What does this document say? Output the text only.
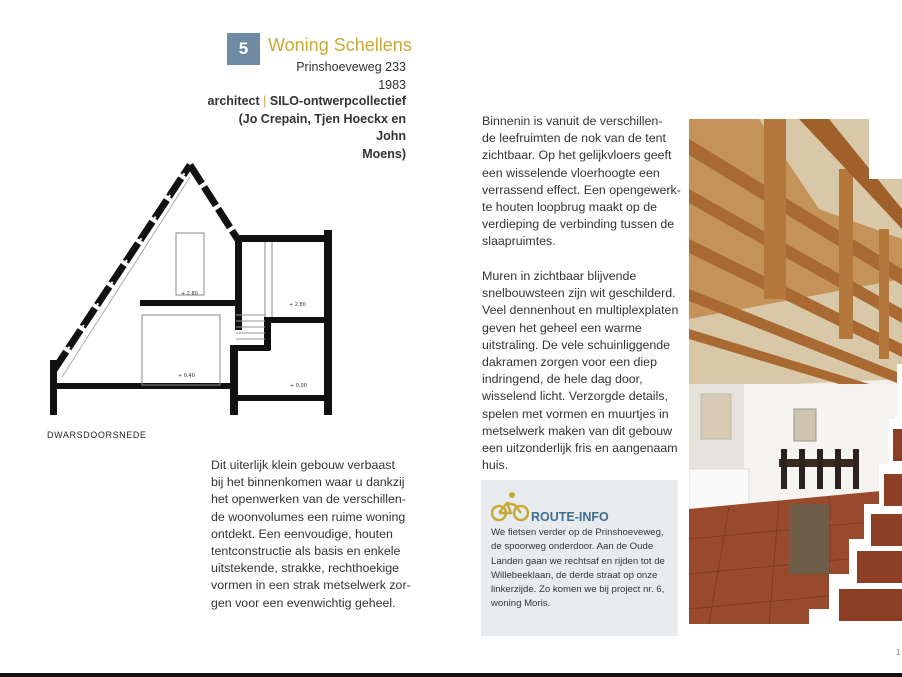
5 Woning Schellens
Prinshoeveweg 233
1983
architect | SILO-ontwerpcollectief
(Jo Crepain, Tjen Hoeckx en John
Moens)
+ 2.80
+ 2.80
+ 0.40
+ 0.00
DWARSDOORSNEDE
Dit uiterlijk klein gebouw verbaast
bij het binnenkomen waar u dankzij
het openwerken van de verschillen-
de woonvolumes een ruime woning
ontdekt. Een eenvoudige, houten
tentconstructie als basis en enkele
uitstekende, strakke, rechthoekige
vormen in een strak metselwerk zor-
gen voor een evenwichtig geheel.
Binnenin is vanuit de verschillen-
de leefruimten de nok van de tent
zichtbaar. Op het gelijkvloers geeft
een wisselende vloerhoogte een
verrassend effect. Een opengewerk-
te houten loopbrug maakt op de
verdieping de verbinding tussen de
slaapruimtes.
Muren in zichtbaar blijvende
snelbouwsteen zijn wit geschilderd.
Veel dennenhout en multiplexplaten
geven het geheel een warme
uitstraling. De vele schuinliggende
dakramen zorgen voor een diep
indringend, de hele dag door,
wisselend licht. Verzorgde details,
spelen met vormen en muurtjes in
metselwerk maken van dit gebouw
een uitzonderlijk fris en aangenaam
huis.
ROUTE-INFO
We fietsen verder op de Prinshoeveweg,
de spoorweg onderdoor. Aan de Oude
Landen gaan we rechtsaf en rijden tot de
Willebeeklaan, de derde straat op onze
linkerzijde. Zo komen we bij project nr. 6,
woning Moris.
1
